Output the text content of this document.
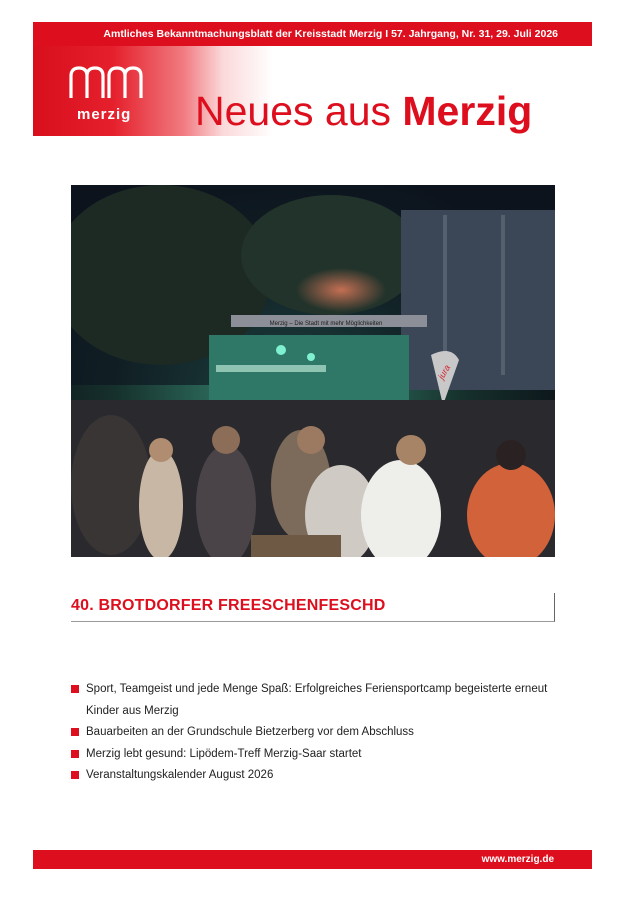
Amtliches Bekanntmachungsblatt der Kreisstadt Merzig I 57. Jahrgang, Nr. 31, 29. Juli 2026
merzig Neues aus Merzig
Merzig – Die Stadt mit mehr Möglichkeiten
jura
40. BROTDORFER FREESCHENFESCHD
Sport, Teamgeist und jede Menge Spaß: Erfolgreiches Feriensportcamp begeisterte erneut Kinder aus Merzig
Bauarbeiten an der Grundschule Bietzerberg vor dem Abschluss
Merzig lebt gesund: Lipödem-Treff Merzig-Saar startet
Veranstaltungskalender August 2026
www.merzig.de
